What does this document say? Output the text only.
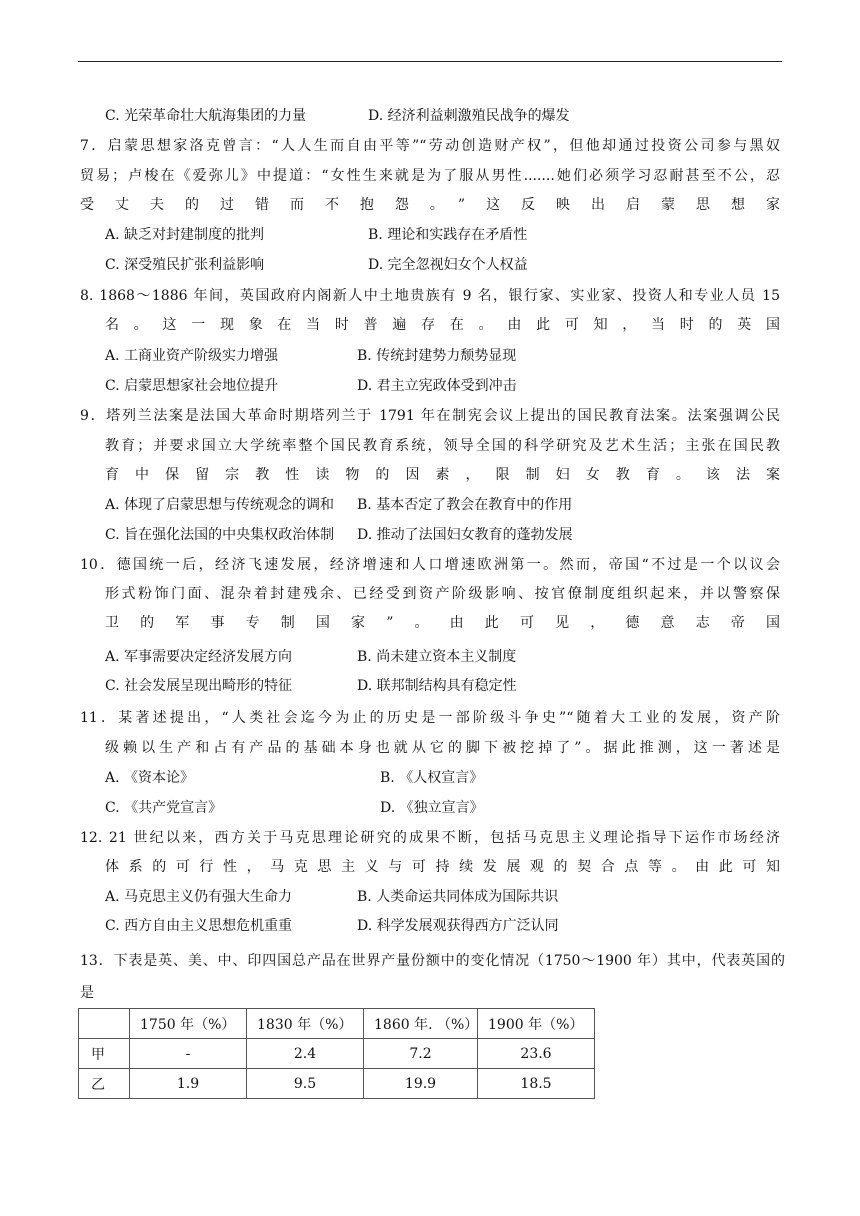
C. 光荣革命壮大航海集团的力量	D. 经济利益刺激殖民战争的爆发
7．启蒙思想家洛克曾言：“人人生而自由平等”“劳动创造财产权”，但他却通过投资公司参与黑奴
贸易；卢梭在《爱弥儿》中提道：“女性生来就是为了服从男性.......她们必须学习忍耐甚至不公，忍
受丈夫的过错而不抱怨。”这反映出启蒙思想家
A. 缺乏对封建制度的批判	B. 理论和实践存在矛盾性
C. 深受殖民扩张利益影响	D. 完全忽视妇女个人权益
8. 1868～1886 年间，英国政府内阁新人中土地贵族有 9 名，银行家、实业家、投资人和专业人员 15
名。这一现象在当时普遍存在。由此可知，当时的英国
A. 工商业资产阶级实力增强	B. 传统封建势力颓势显现
C. 启蒙思想家社会地位提升	D. 君主立宪政体受到冲击
9．塔列兰法案是法国大革命时期塔列兰于 1791 年在制宪会议上提出的国民教育法案。法案强调公民
教育；并要求国立大学统率整个国民教育系统，领导全国的科学研究及艺术生活；主张在国民教
育中保留宗教性读物的因素，限制妇女教育。该法案
A. 体现了启蒙思想与传统观念的调和 B. 基本否定了教会在教育中的作用
C. 旨在强化法国的中央集权政治体制 D. 推动了法国妇女教育的蓬勃发展
10．德国统一后，经济飞速发展，经济增速和人口增速欧洲第一。然而，帝国“不过是一个以议会
形式粉饰门面、混杂着封建残余、已经受到资产阶级影响、按官僚制度组织起来，并以警察保
卫的军事专制国家”。由此可见，德意志帝国
A. 军事需要决定经济发展方向	B. 尚未建立资本主义制度
C. 社会发展呈现出畸形的特征	D. 联邦制结构具有稳定性
11．某著述提出，“人类社会迄今为止的历史是一部阶级斗争史”“随着大工业的发展，资产阶
级赖以生产和占有产品的基础本身也就从它的脚下被挖掉了”。据此推测，这一著述是
A. 《资本论》	B. 《人权宣言》
C. 《共产党宣言》	D. 《独立宣言》
12. 21 世纪以来，西方关于马克思理论研究的成果不断，包括马克思主义理论指导下运作市场经济
体系的可行性，马克思主义与可持续发展观的契合点等。由此可知
A. 马克思主义仍有强大生命力	B. 人类命运共同体成为国际共识
C. 西方自由主义思想危机重重	D. 科学发展观获得西方广泛认同
13．下表是英、美、中、印四国总产品在世界产量份额中的变化情况（1750～1900 年）其中，代表英国的
是
	1750 年（%）	1830 年（%）	1860 年. （%）	1900 年（%）
甲	-	2.4	7.2	23.6
乙	1.9	9.5	19.9	18.5
